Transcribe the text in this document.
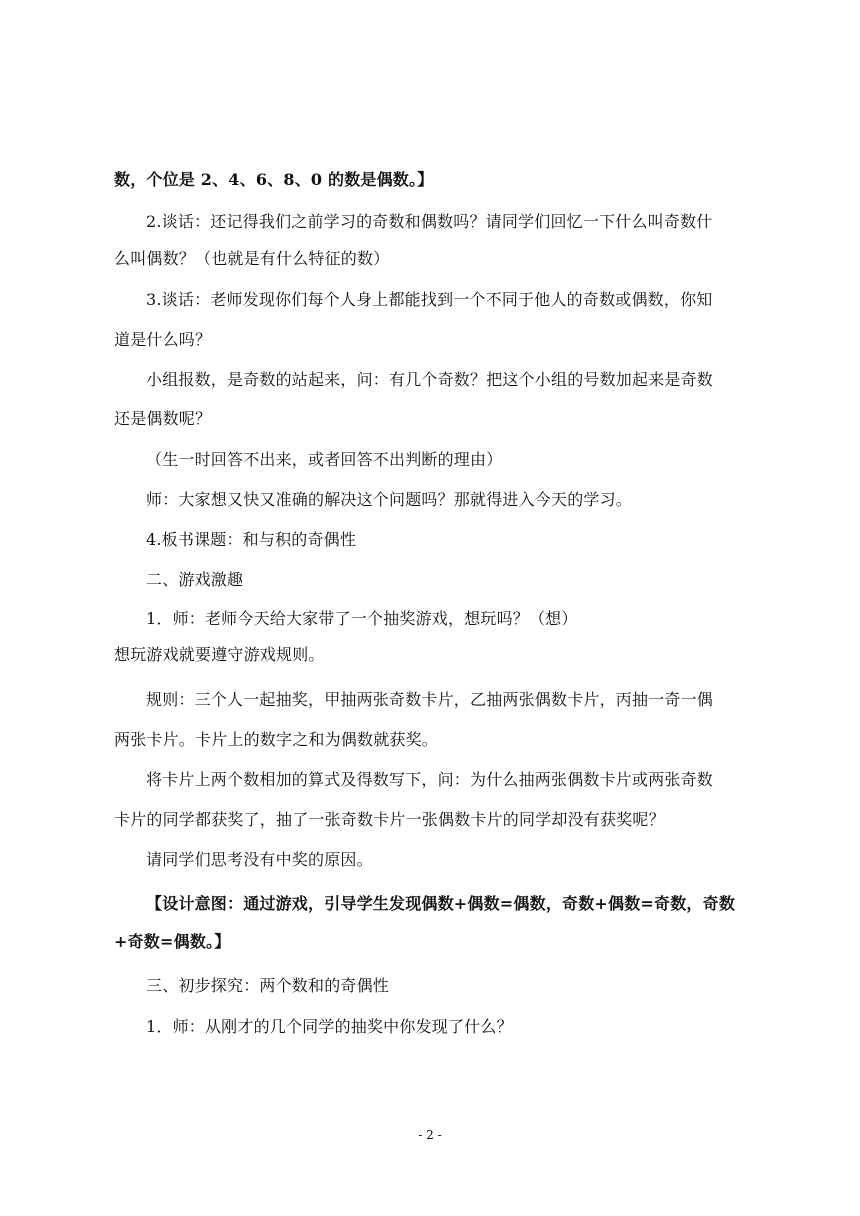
数，个位是 2、4、6、8、0 的数是偶数。】

2.谈话：还记得我们之前学习的奇数和偶数吗？请同学们回忆一下什么叫奇数什

么叫偶数？（也就是有什么特征的数）

3.谈话：老师发现你们每个人身上都能找到一个不同于他人的奇数或偶数，你知

道是什么吗？

小组报数，是奇数的站起来，问：有几个奇数？把这个小组的号数加起来是奇数

还是偶数呢？

（生一时回答不出来，或者回答不出判断的理由）

师：大家想又快又准确的解决这个问题吗？那就得进入今天的学习。

4.板书课题：和与积的奇偶性

二、游戏激趣

1．师：老师今天给大家带了一个抽奖游戏，想玩吗？（想）

想玩游戏就要遵守游戏规则。

规则：三个人一起抽奖，甲抽两张奇数卡片，乙抽两张偶数卡片，丙抽一奇一偶

两张卡片。卡片上的数字之和为偶数就获奖。

将卡片上两个数相加的算式及得数写下，问：为什么抽两张偶数卡片或两张奇数

卡片的同学都获奖了，抽了一张奇数卡片一张偶数卡片的同学却没有获奖呢？

请同学们思考没有中奖的原因。

【设计意图：通过游戏，引导学生发现偶数+偶数=偶数，奇数+偶数=奇数，奇数

+奇数=偶数。】

三、初步探究：两个数和的奇偶性

1．师：从刚才的几个同学的抽奖中你发现了什么？

- 2 -
